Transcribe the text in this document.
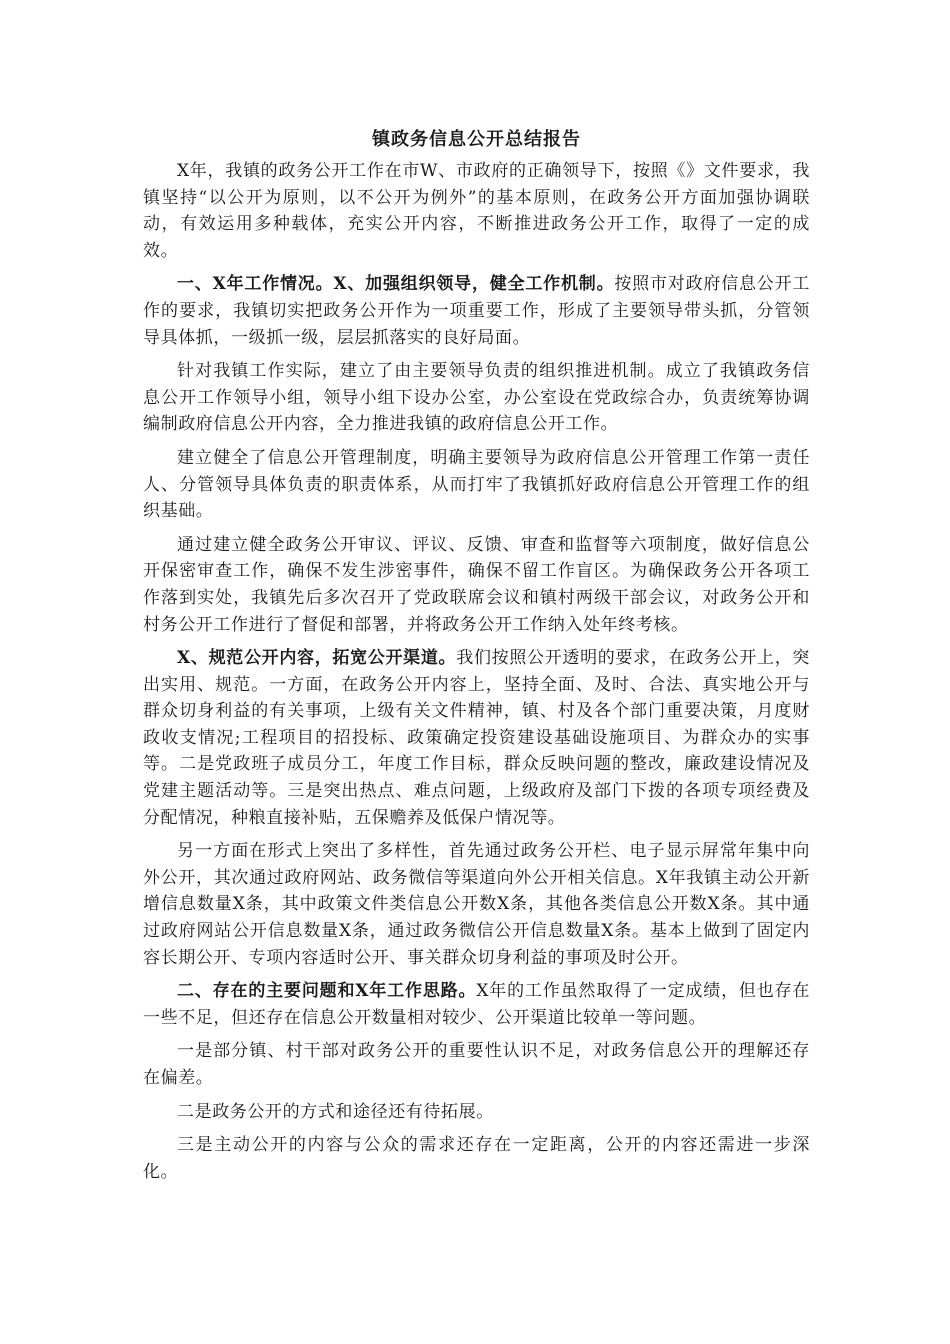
镇政务信息公开总结报告

X年，我镇的政务公开工作在市W、市政府的正确领导下，按照《》文件要求，我镇坚持“以公开为原则，以不公开为例外”的基本原则，在政务公开方面加强协调联动，有效运用多种载体，充实公开内容，不断推进政务公开工作，取得了一定的成效。

一、X年工作情况。X、加强组织领导，健全工作机制。按照市对政府信息公开工作的要求，我镇切实把政务公开作为一项重要工作，形成了主要领导带头抓，分管领导具体抓，一级抓一级，层层抓落实的良好局面。

针对我镇工作实际，建立了由主要领导负责的组织推进机制。成立了我镇政务信息公开工作领导小组，领导小组下设办公室，办公室设在党政综合办，负责统筹协调编制政府信息公开内容，全力推进我镇的政府信息公开工作。

建立健全了信息公开管理制度，明确主要领导为政府信息公开管理工作第一责任人、分管领导具体负责的职责体系，从而打牢了我镇抓好政府信息公开管理工作的组织基础。

通过建立健全政务公开审议、评议、反馈、审查和监督等六项制度，做好信息公开保密审查工作，确保不发生涉密事件，确保不留工作盲区。为确保政务公开各项工作落到实处，我镇先后多次召开了党政联席会议和镇村两级干部会议，对政务公开和村务公开工作进行了督促和部署，并将政务公开工作纳入处年终考核。

X、规范公开内容，拓宽公开渠道。我们按照公开透明的要求，在政务公开上，突出实用、规范。一方面，在政务公开内容上，坚持全面、及时、合法、真实地公开与群众切身利益的有关事项，上级有关文件精神，镇、村及各个部门重要决策，月度财政收支情况;工程项目的招投标、政策确定投资建设基础设施项目、为群众办的实事等。二是党政班子成员分工，年度工作目标，群众反映问题的整改，廉政建设情况及党建主题活动等。三是突出热点、难点问题，上级政府及部门下拨的各项专项经费及分配情况，种粮直接补贴，五保赡养及低保户情况等。

另一方面在形式上突出了多样性，首先通过政务公开栏、电子显示屏常年集中向外公开，其次通过政府网站、政务微信等渠道向外公开相关信息。X年我镇主动公开新增信息数量X条，其中政策文件类信息公开数X条，其他各类信息公开数X条。其中通过政府网站公开信息数量X条，通过政务微信公开信息数量X条。基本上做到了固定内容长期公开、专项内容适时公开、事关群众切身利益的事项及时公开。

二、存在的主要问题和X年工作思路。X年的工作虽然取得了一定成绩，但也存在一些不足，但还存在信息公开数量相对较少、公开渠道比较单一等问题。

一是部分镇、村干部对政务公开的重要性认识不足，对政务信息公开的理解还存在偏差。

二是政务公开的方式和途径还有待拓展。

三是主动公开的内容与公众的需求还存在一定距离，公开的内容还需进一步深化。
